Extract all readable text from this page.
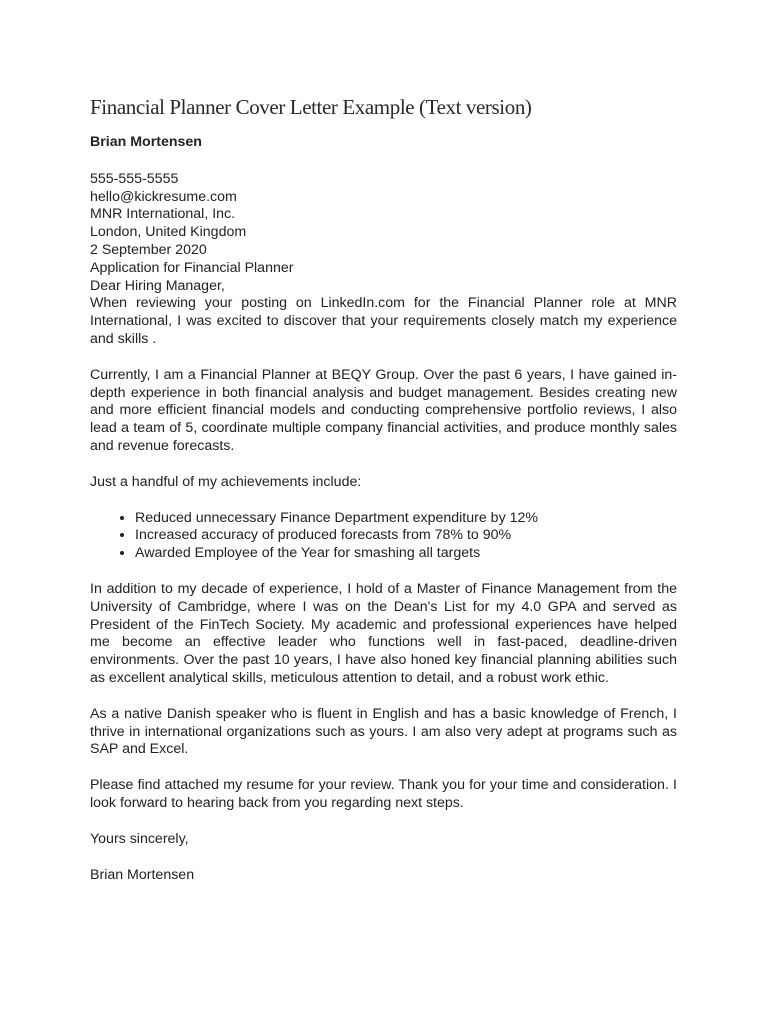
Financial Planner Cover Letter Example (Text version)
Brian Mortensen
555-555-5555
hello@kickresume.com
MNR International, Inc.
London, United Kingdom
2 September 2020
Application for Financial Planner
Dear Hiring Manager,

When reviewing your posting on LinkedIn.com for the Financial Planner role at MNR International, I was excited to discover that your requirements closely match my experience and skills .

Currently, I am a Financial Planner at BEQY Group. Over the past 6 years, I have gained in-depth experience in both financial analysis and budget management. Besides creating new and more efficient financial models and conducting comprehensive portfolio reviews, I also lead a team of 5, coordinate multiple company financial activities, and produce monthly sales and revenue forecasts.

Just a handful of my achievements include:

• Reduced unnecessary Finance Department expenditure by 12%
• Increased accuracy of produced forecasts from 78% to 90%
• Awarded Employee of the Year for smashing all targets

In addition to my decade of experience, I hold of a Master of Finance Management from the University of Cambridge, where I was on the Dean's List for my 4.0 GPA and served as President of the FinTech Society. My academic and professional experiences have helped me become an effective leader who functions well in fast-paced, deadline-driven environments. Over the past 10 years, I have also honed key financial planning abilities such as excellent analytical skills, meticulous attention to detail, and a robust work ethic.

As a native Danish speaker who is fluent in English and has a basic knowledge of French, I thrive in international organizations such as yours. I am also very adept at programs such as SAP and Excel.

Please find attached my resume for your review. Thank you for your time and consideration. I look forward to hearing back from you regarding next steps.

Yours sincerely,
Brian Mortensen
